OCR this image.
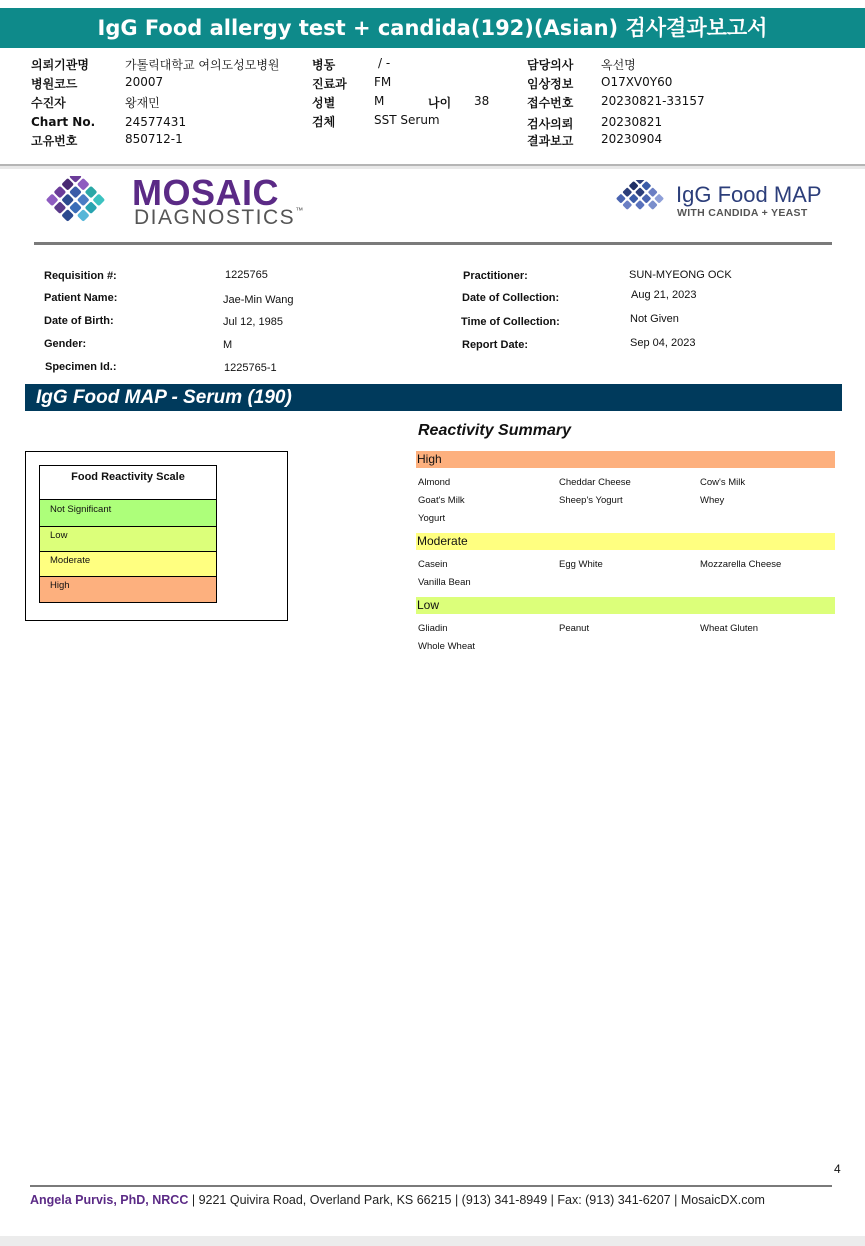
IgG Food allergy test + candida(192)(Asian) 검사결과보고서
의뢰기관명	가톨릭대학교 여의도성모병원
병원코드	20007
수진자	왕재민
Chart No. 24577431
고유번호	850712-1
병동	/ -
진료과 FM
성별	M
검체	SST Serum
나이 38
담당의사 옥선명
임상정보 O17XV0Y60
접수번호 20230821-33157
검사의뢰 20230821
결과보고 20230904
MOSAIC
DIAGNOSTICS™
IgG Food MAP
WITH CANDIDA + YEAST
Requisition #:	1225765
Patient Name:	Jae-Min Wang
Date of Birth:	Jul 12, 1985
Gender:	M
Specimen Id.:	1225765-1
Practitioner:	SUN-MYEONG OCK
Date of Collection:	Aug 21, 2023
Time of Collection:	Not Given
Report Date:	Sep 04, 2023
IgG Food MAP - Serum (190)
Food Reactivity Scale
Not Significant
Low
Moderate
High
Reactivity Summary
High
Almond	Cheddar Cheese	Cow's Milk
Goat's Milk	Sheep's Yogurt	Whey
Yogurt
Moderate
Casein	Egg White	Mozzarella Cheese
Vanilla Bean
Low
Gliadin	Peanut	Wheat Gluten
Whole Wheat
4
Angela Purvis, PhD, NRCC | 9221 Quivira Road, Overland Park, KS 66215 | (913) 341-8949 | Fax: (913) 341-6207 | MosaicDX.com
